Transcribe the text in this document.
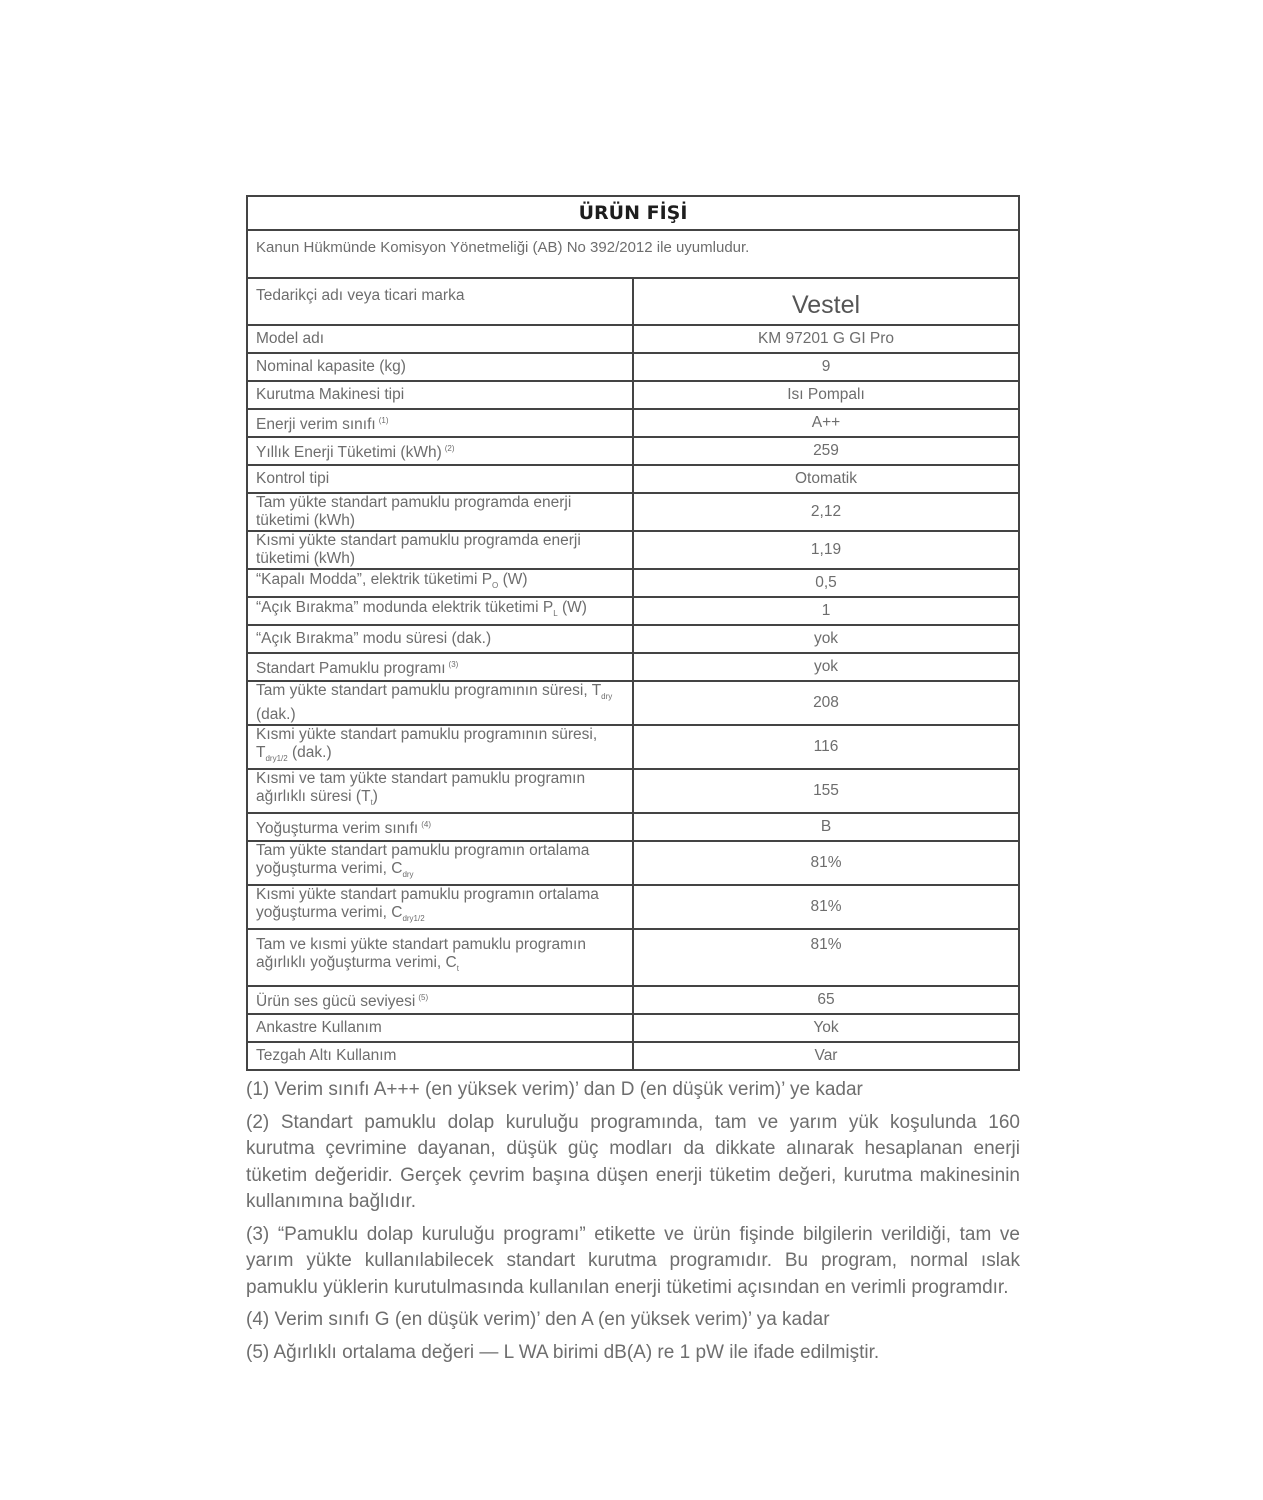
ÜRÜN FİŞİ	
Kanun Hükmünde Komisyon Yönetmeliği (AB) No 392/2012 ile uyumludur.	
Tedarikçi adı veya ticari marka	Vestel
Model adı	KM 97201 G GI Pro
Nominal kapasite (kg)	9
Kurutma Makinesi tipi	Isı Pompalı
Enerji verim sınıfı $^{(1)}$	A++
Yıllık Enerji Tüketimi (kWh) $^{(2)}$	259
Kontrol tipi	Otomatik
Tam yükte standart pamuklu programda enerji tüketimi (kWh)	2,12
Kısmi yükte standart pamuklu programda enerji tüketimi (kWh)	1,19
“Kapalı Modda”, elektrik tüketimi $P_O$ (W)	0,5
“Açık Bırakma” modunda elektrik tüketimi $P_L$ (W)	1
“Açık Bırakma” modu süresi (dak.)	yok
Standart Pamuklu programı $^{(3)}$	yok
Tam yükte standart pamuklu programının süresi, $T_{dry}$ (dak.)	208
Kısmi yükte standart pamuklu programının süresi, $T_{dry1/2}$ (dak.)	116
Kısmi ve tam yükte standart pamuklu programın ağırlıklı süresi $(T_t)$	155
Yoğuşturma verim sınıfı $^{(4)}$	B
Tam yükte standart pamuklu programın ortalama yoğuşturma verimi, $C_{dry}$	81%
Kısmi yükte standart pamuklu programın ortalama yoğuşturma verimi, $C_{dry1/2}$	81%
Tam ve kısmi yükte standart pamuklu programın ağırlıklı yoğuşturma verimi, $C_t$	81%
Ürün ses gücü seviyesi $^{(5)}$	65
Ankastre Kullanım	Yok
Tezgah Altı Kullanım	Var

(1) Verim sınıfı A+++ (en yüksek verim)’ dan D (en düşük verim)’ ye kadar

(2) Standart pamuklu dolap kuruluğu programında, tam ve yarım yük koşulunda 160 kurutma çevrimine dayanan, düşük güç modları da dikkate alınarak hesaplanan enerji tüketim değeridir. Gerçek çevrim başına düşen enerji tüketim değeri, kurutma makinesinin kullanımına bağlıdır.

(3) “Pamuklu dolap kuruluğu programı” etikette ve ürün fişinde bilgilerin verildiği, tam ve yarım yükte kullanılabilecek standart kurutma programıdır. Bu program, normal ıslak pamuklu yüklerin kurutulmasında kullanılan enerji tüketimi açısından en verimli programdır.

(4) Verim sınıfı G (en düşük verim)’ den A (en yüksek verim)’ ya kadar

(5) Ağırlıklı ortalama değeri — L WA birimi dB(A) re 1 pW ile ifade edilmiştir.
